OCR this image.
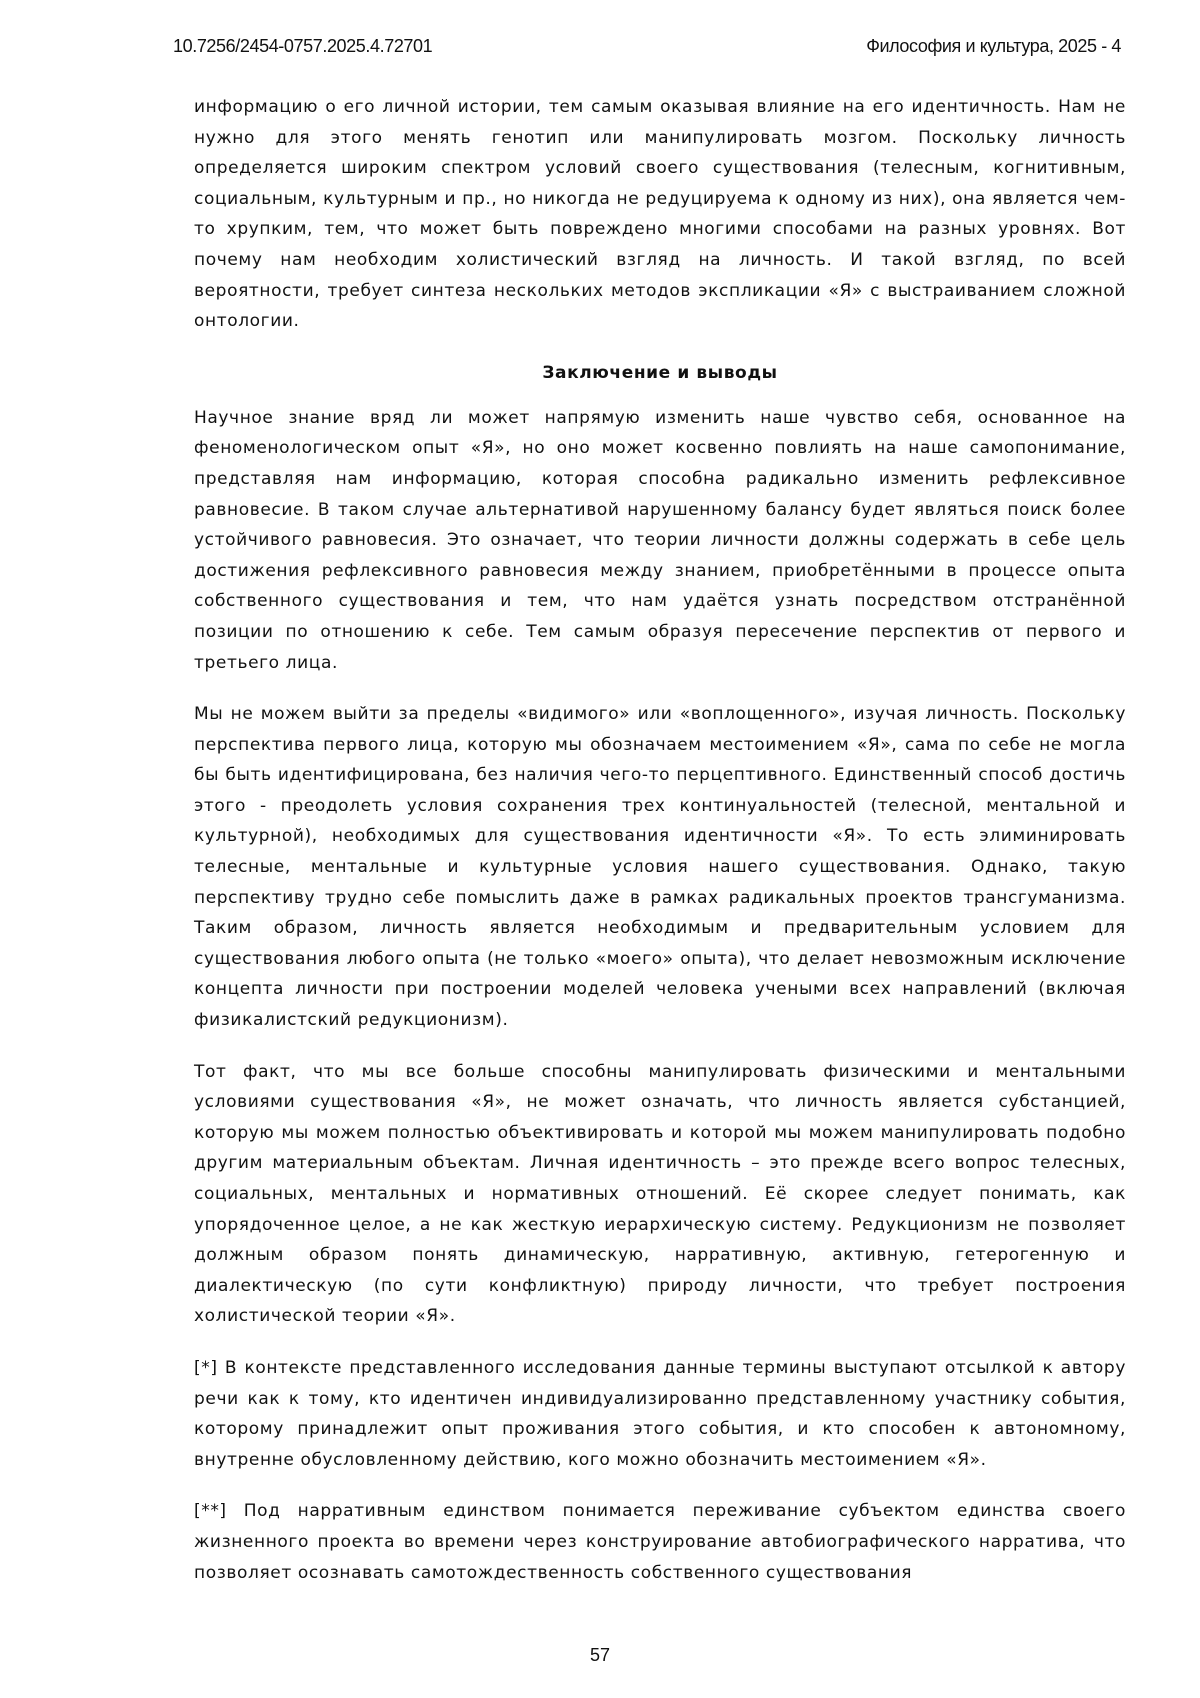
10.7256/2454-0757.2025.4.72701	Философия и культура, 2025 - 4

информацию о его личной истории, тем самым оказывая влияние на его идентичность. Нам не нужно для этого менять генотип или манипулировать мозгом. Поскольку личность определяется широким спектром условий своего существования (телесным, когнитивным, социальным, культурным и пр., но никогда не редуцируема к одному из них), она является чем-то хрупким, тем, что может быть повреждено многими способами на разных уровнях. Вот почему нам необходим холистический взгляд на личность. И такой взгляд, по всей вероятности, требует синтеза нескольких методов экспликации «Я» с выстраиванием сложной онтологии.

Заключение и выводы

Научное знание вряд ли может напрямую изменить наше чувство себя, основанное на феноменологическом опыт «Я», но оно может косвенно повлиять на наше самопонимание, представляя нам информацию, которая способна радикально изменить рефлексивное равновесие. В таком случае альтернативой нарушенному балансу будет являться поиск более устойчивого равновесия. Это означает, что теории личности должны содержать в себе цель достижения рефлексивного равновесия между знанием, приобретёнными в процессе опыта собственного существования и тем, что нам удаётся узнать посредством отстранённой позиции по отношению к себе. Тем самым образуя пересечение перспектив от первого и третьего лица.

Мы не можем выйти за пределы «видимого» или «воплощенного», изучая личность. Поскольку перспектива первого лица, которую мы обозначаем местоимением «Я», сама по себе не могла бы быть идентифицирована, без наличия чего-то перцептивного. Единственный способ достичь этого - преодолеть условия сохранения трех континуальностей (телесной, ментальной и культурной), необходимых для существования идентичности «Я». То есть элиминировать телесные, ментальные и культурные условия нашего существования. Однако, такую перспективу трудно себе помыслить даже в рамках радикальных проектов трансгуманизма. Таким образом, личность является необходимым и предварительным условием для существования любого опыта (не только «моего» опыта), что делает невозможным исключение концепта личности при построении моделей человека учеными всех направлений (включая физикалистский редукционизм).

Тот факт, что мы все больше способны манипулировать физическими и ментальными условиями существования «Я», не может означать, что личность является субстанцией, которую мы можем полностью объективировать и которой мы можем манипулировать подобно другим материальным объектам. Личная идентичность – это прежде всего вопрос телесных, социальных, ментальных и нормативных отношений. Её скорее следует понимать, как упорядоченное целое, а не как жесткую иерархическую систему. Редукционизм не позволяет должным образом понять динамическую, нарративную, активную, гетерогенную и диалектическую (по сути конфликтную) природу личности, что требует построения холистической теории «Я».

[*] В контексте представленного исследования данные термины выступают отсылкой к автору речи как к тому, кто идентичен индивидуализированно представленному участнику события, которому принадлежит опыт проживания этого события, и кто способен к автономному, внутренне обусловленному действию, кого можно обозначить местоимением «Я».

[**] Под нарративным единством понимается переживание субъектом единства своего жизненного проекта во времени через конструирование автобиографического нарратива, что позволяет осознавать самотождественность собственного существования

57
